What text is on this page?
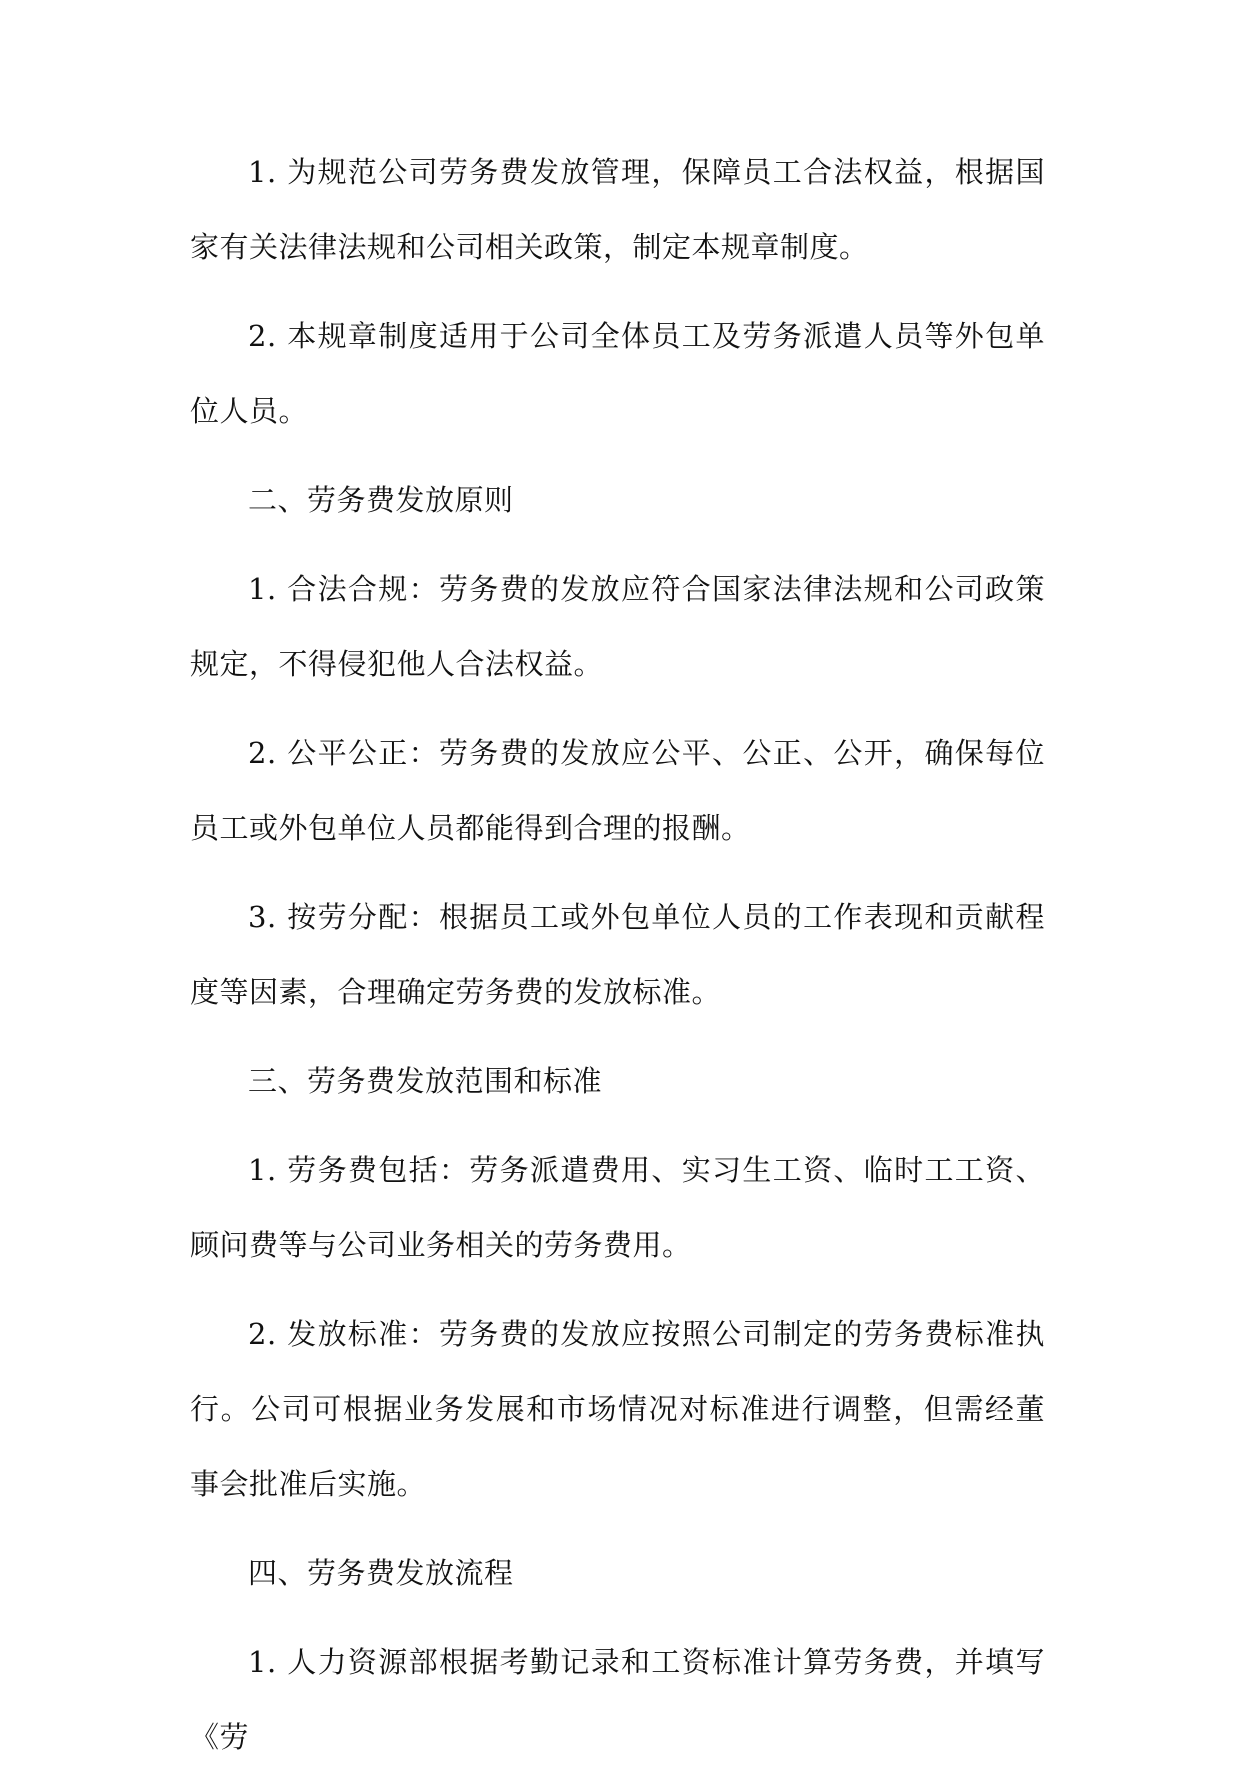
1. 为规范公司劳务费发放管理，保障员工合法权益，根据国家有关法律法规和公司相关政策，制定本规章制度。

2. 本规章制度适用于公司全体员工及劳务派遣人员等外包单位人员。

二、劳务费发放原则

1. 合法合规：劳务费的发放应符合国家法律法规和公司政策规定，不得侵犯他人合法权益。

2. 公平公正：劳务费的发放应公平、公正、公开，确保每位员工或外包单位人员都能得到合理的报酬。

3. 按劳分配：根据员工或外包单位人员的工作表现和贡献程度等因素，合理确定劳务费的发放标准。

三、劳务费发放范围和标准

1. 劳务费包括：劳务派遣费用、实习生工资、临时工工资、顾问费等与公司业务相关的劳务费用。

2. 发放标准：劳务费的发放应按照公司制定的劳务费标准执行。公司可根据业务发展和市场情况对标准进行调整，但需经董事会批准后实施。

四、劳务费发放流程

1. 人力资源部根据考勤记录和工资标准计算劳务费，并填写《劳
